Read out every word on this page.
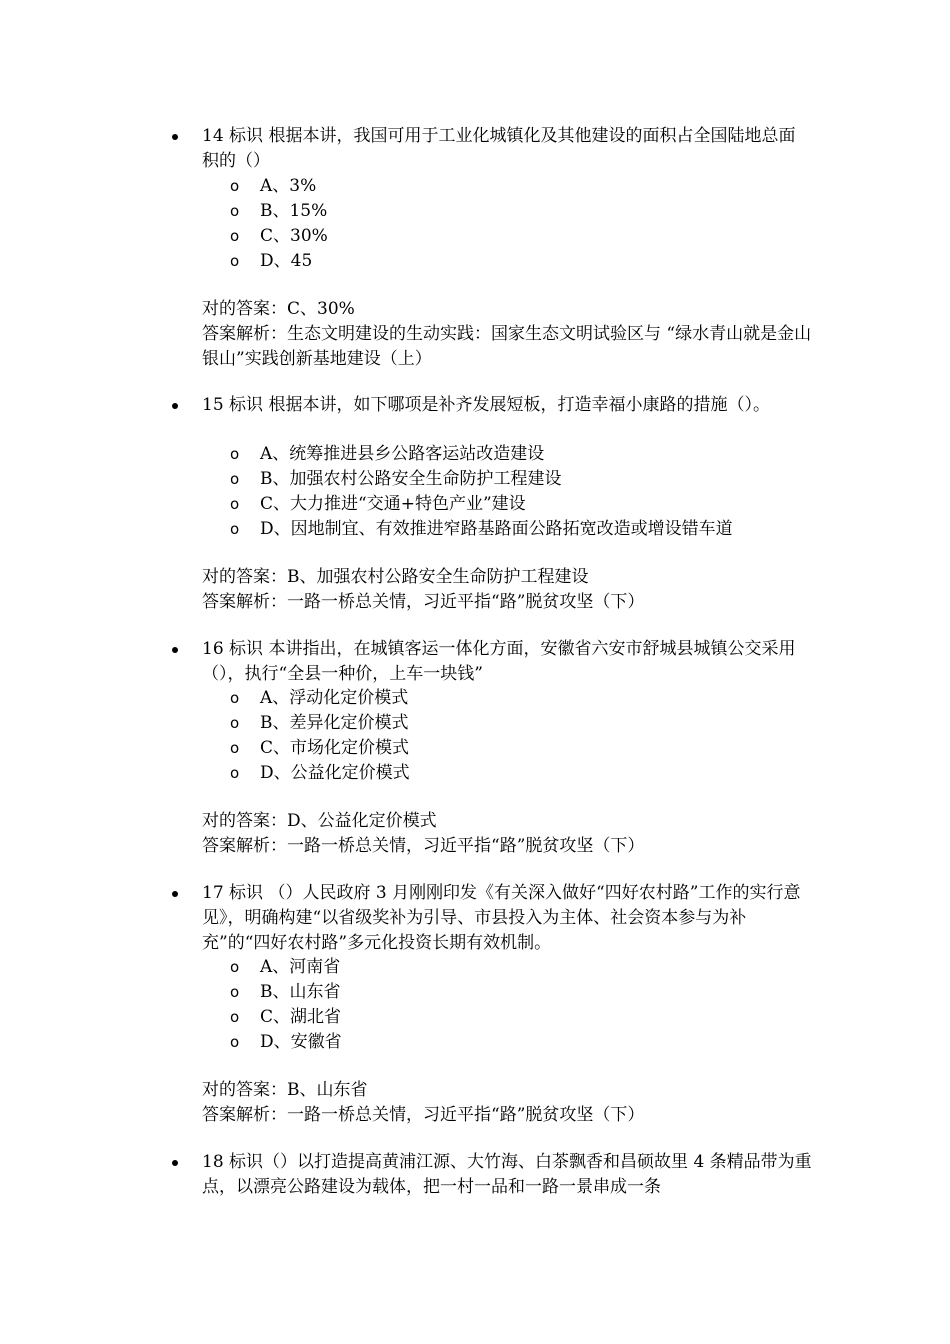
14 标识 根据本讲，我国可用于工业化城镇化及其他建设的面积占全国陆地总面积的（）

o A、3%
o B、15%
o C、30%
o D、45
对的答案：C、30%
答案解析：生态文明建设的生动实践：国家生态文明试验区与 “绿水青山就是金山银山”实践创新基地建设（上）

15 标识 根据本讲，如下哪项是补齐发展短板，打造幸福小康路的措施（）。

o A、统筹推进县乡公路客运站改造建设
o B、加强农村公路安全生命防护工程建设
o C、大力推进“交通+特色产业”建设
o D、因地制宜、有效推进窄路基路面公路拓宽改造或增设错车道
对的答案：B、加强农村公路安全生命防护工程建设
答案解析：一路一桥总关情，习近平指“路”脱贫攻坚（下）

16 标识 本讲指出，在城镇客运一体化方面，安徽省六安市舒城县城镇公交采用（），执行“全县一种价，上车一块钱”

o A、浮动化定价模式
o B、差异化定价模式
o C、市场化定价模式
o D、公益化定价模式
对的答案：D、公益化定价模式
答案解析：一路一桥总关情，习近平指“路”脱贫攻坚（下）

17 标识 （）人民政府 3 月刚刚印发《有关深入做好“四好农村路”工作的实行意见》，明确构建“以省级奖补为引导、市县投入为主体、社会资本参与为补充”的“四好农村路”多元化投资长期有效机制。

o A、河南省
o B、山东省
o C、湖北省
o D、安徽省
对的答案：B、山东省
答案解析：一路一桥总关情，习近平指“路”脱贫攻坚（下）

18 标识（）以打造提高黄浦江源、大竹海、白茶飘香和昌硕故里 4 条精品带为重点，以漂亮公路建设为载体，把一村一品和一路一景串成一条
